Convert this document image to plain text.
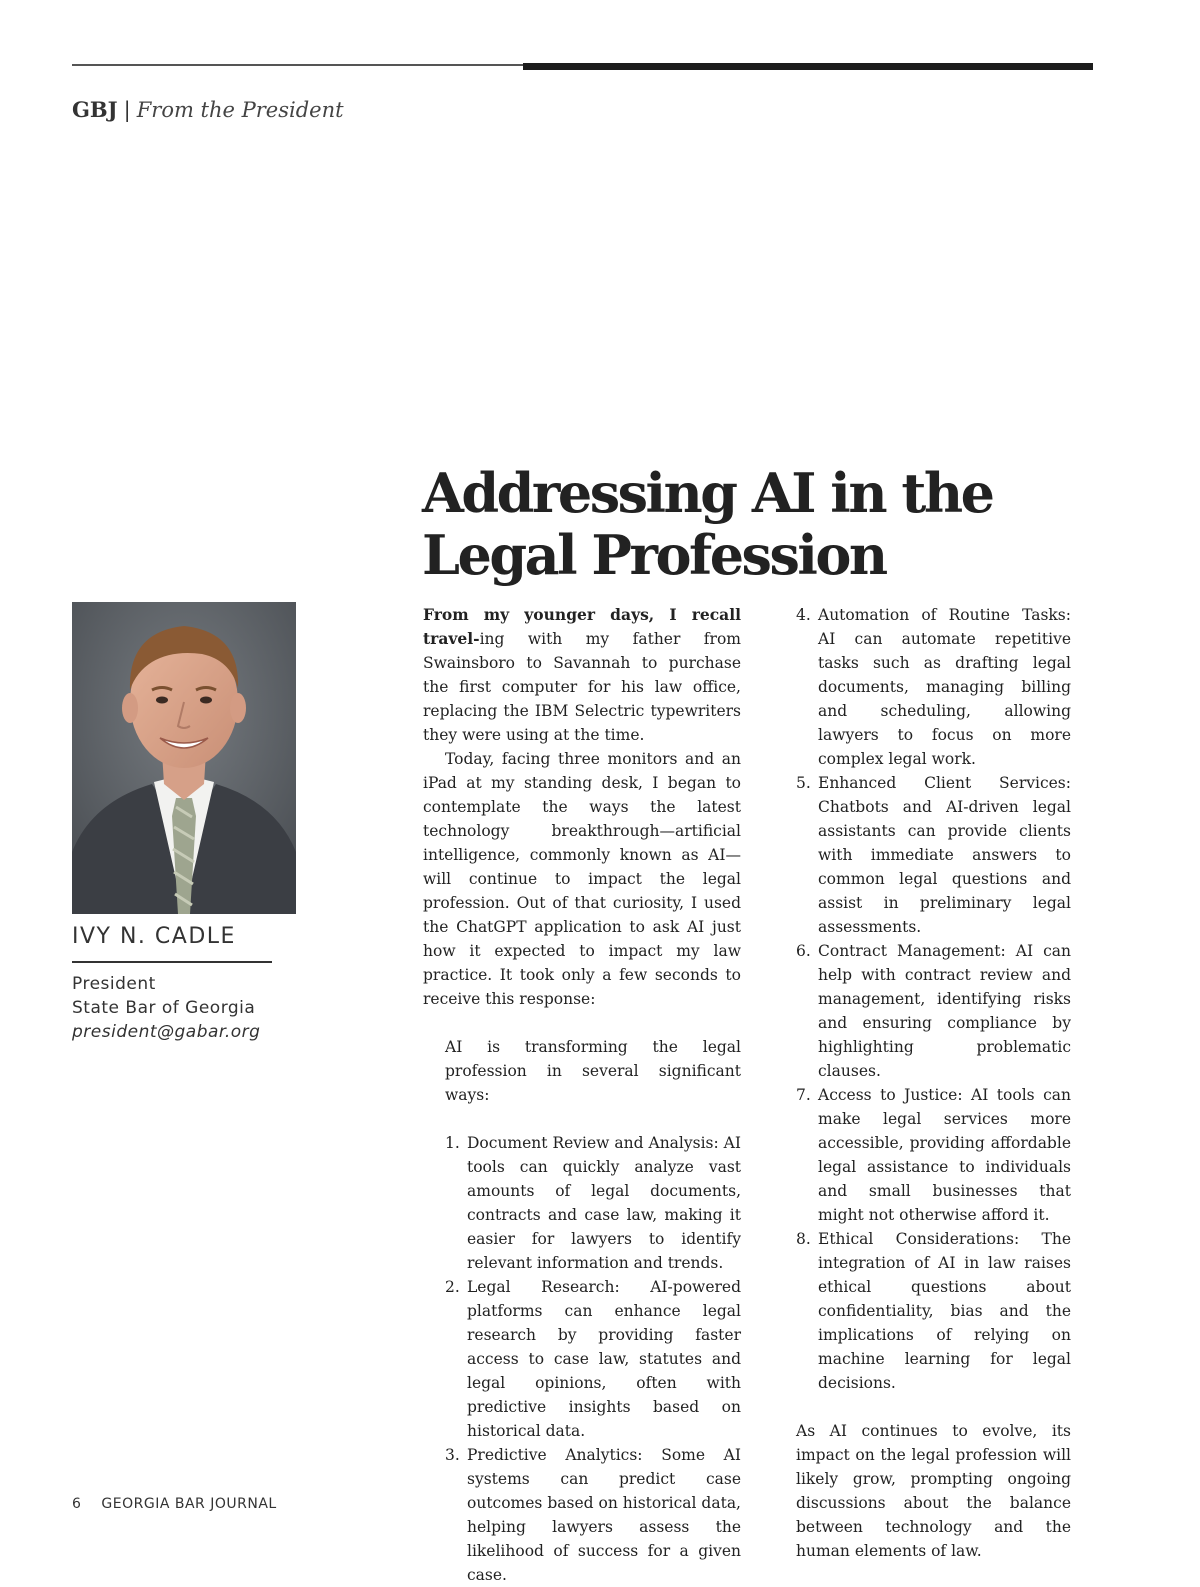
GBJ | From the President
Addressing AI in the Legal Profession
IVY N. CADLE
President
State Bar of Georgia
president@gabar.org

From my younger days, I recall travel-ing with my father from Swainsboro to Savannah to purchase the first computer for his law office, replacing the IBM Selectric typewriters they were using at the time.

Today, facing three monitors and an iPad at my standing desk, I began to contemplate the ways the latest technology breakthrough—artificial intelligence, commonly known as AI—will continue to impact the legal profession. Out of that curiosity, I used the ChatGPT application to ask AI just how it expected to impact my law practice. It took only a few seconds to receive this response:

AI is transforming the legal profession in several significant ways:

1. Document Review and Analysis: AI tools can quickly analyze vast amounts of legal documents, contracts and case law, making it easier for lawyers to identify relevant information and trends.
2. Legal Research: AI-powered platforms can enhance legal research by providing faster access to case law, statutes and legal opinions, often with predictive insights based on historical data.
3. Predictive Analytics: Some AI systems can predict case outcomes based on historical data, helping lawyers assess the likelihood of success for a given case.
4. Automation of Routine Tasks: AI can automate repetitive tasks such as drafting legal documents, managing billing and scheduling, allowing lawyers to focus on more complex legal work.
5. Enhanced Client Services: Chatbots and AI-driven legal assistants can provide clients with immediate answers to common legal questions and assist in preliminary legal assessments.
6. Contract Management: AI can help with contract review and management, identifying risks and ensuring compliance by highlighting problematic clauses.
7. Access to Justice: AI tools can make legal services more accessible, providing affordable legal assistance to individuals and small businesses that might not otherwise afford it.
8. Ethical Considerations: The integration of AI in law raises ethical questions about confidentiality, bias and the implications of relying on machine learning for legal decisions.

As AI continues to evolve, its impact on the legal profession will likely grow, prompting ongoing discussions about the balance between technology and the human elements of law.

6 GEORGIA BAR JOURNAL
